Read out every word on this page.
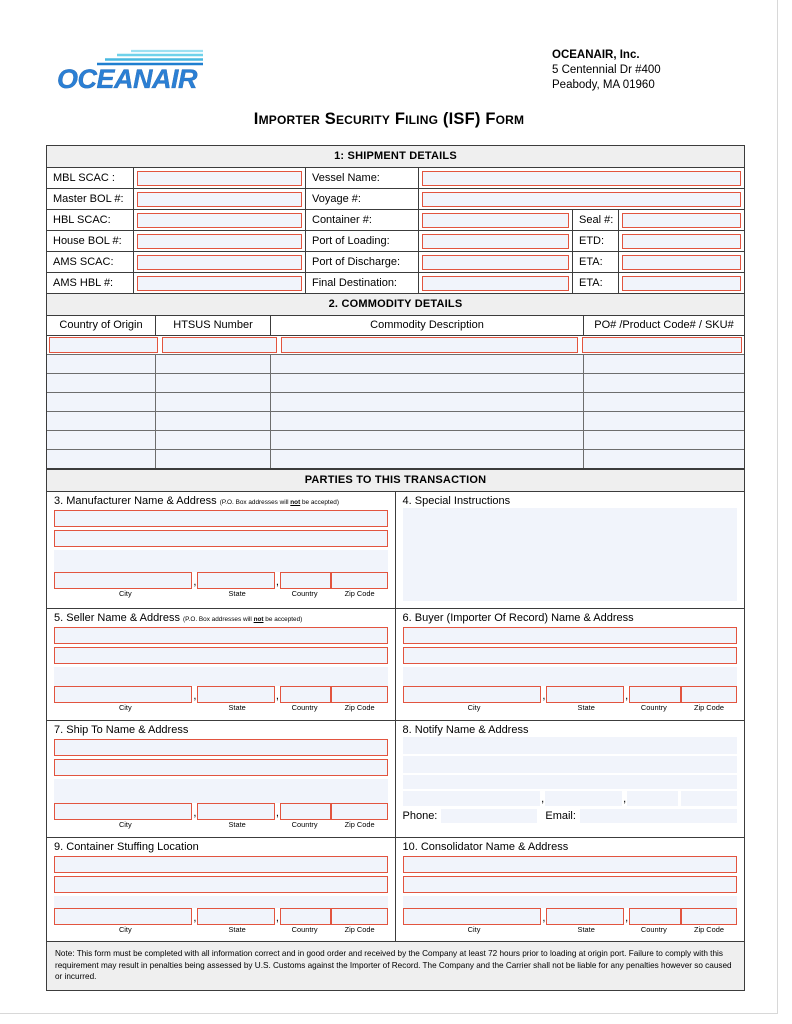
OCEANAIR
OCEANAIR, Inc.
5 Centennial Dr #400
Peabody, MA 01960
Importer Security Filing (ISF) Form
1: SHIPMENT DETAILS
MBL SCAC :	Vessel Name:
Master BOL #:	Voyage #:
HBL SCAC:	Container #:	Seal #:
House BOL #:	Port of Loading:	ETD:
AMS SCAC:	Port of Discharge:	ETA:
AMS HBL #:	Final Destination:	ETA:
2. COMMODITY DETAILS
Country of Origin	HTSUS Number	Commodity Description	PO# /Product Code# / SKU#
PARTIES TO THIS TRANSACTION
3. Manufacturer Name & Address (P.O. Box addresses will not be accepted)
,	,
City	State	Country	Zip Code
5. Seller Name & Address (P.O. Box addresses will not be accepted)
,	,
City	State	Country	Zip Code
7. Ship To Name & Address
,	,
City	State	Country	Zip Code
9. Container Stuffing Location
,	,
City	State	Country	Zip Code
4. Special Instructions
6. Buyer (Importer Of Record) Name & Address
,	,
City	State	Country	Zip Code
8. Notify Name & Address
,	,
Phone:	Email:
10. Consolidator Name & Address
,	,
City	State	Country	Zip Code
Note: This form must be completed with all information correct and in good order and received by the Company at least 72 hours prior to loading at origin port. Failure to comply with this requirement may result in penalties being assessed by U.S. Customs against the Importer of Record. The Company and the Carrier shall not be liable for any penalties however so caused or incurred.
